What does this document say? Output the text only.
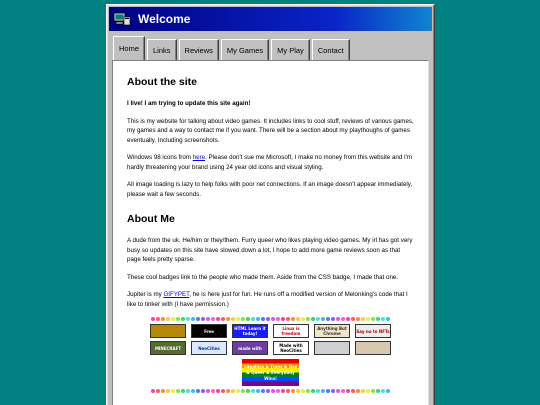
Welcome
Home	Links	Reviews	My Games	My Play	Contact
About the site

I live! I am trying to update this site again!

This is my website for talking about video games. It includes links to cool stuff, reviews of various games, my games and a way to contact me if you want. There will be a section about my playthoughs of games eventually. Including screenshots.

Windows 98 icons from here. Please don't sue me Microsoft, I make no money from this website and I'm hardly threatening your brand using 24 year old icons and visual styling.

All image loading is lazy to help folks with poor net connections. If an image doesn't appear immediately, please wait a few seconds.

About Me

A dude from the uk. He/him or they/them. Furry queer who likes playing video games. My irl has got very busy so updates on this site have slowed down a lot, I hope to add more game reviews soon as that page feels pretty sparse.

These cool badges link to the people who made them. Aside from the CSS badge, I made that one.

Jupiter is my GIFYPET, he is here just for fun. He runs off a modified version of Melonking's code that I like to tinker with (I have permission.)

Free	HTML Learn it today!
Linux is freedom
Anything But Chrome	Say no to NFTs
MINECRAFT	NeoCities	made with	Made with NeoCities
Sapphics & Trans & Gay & Queer & Everybody Wins!
